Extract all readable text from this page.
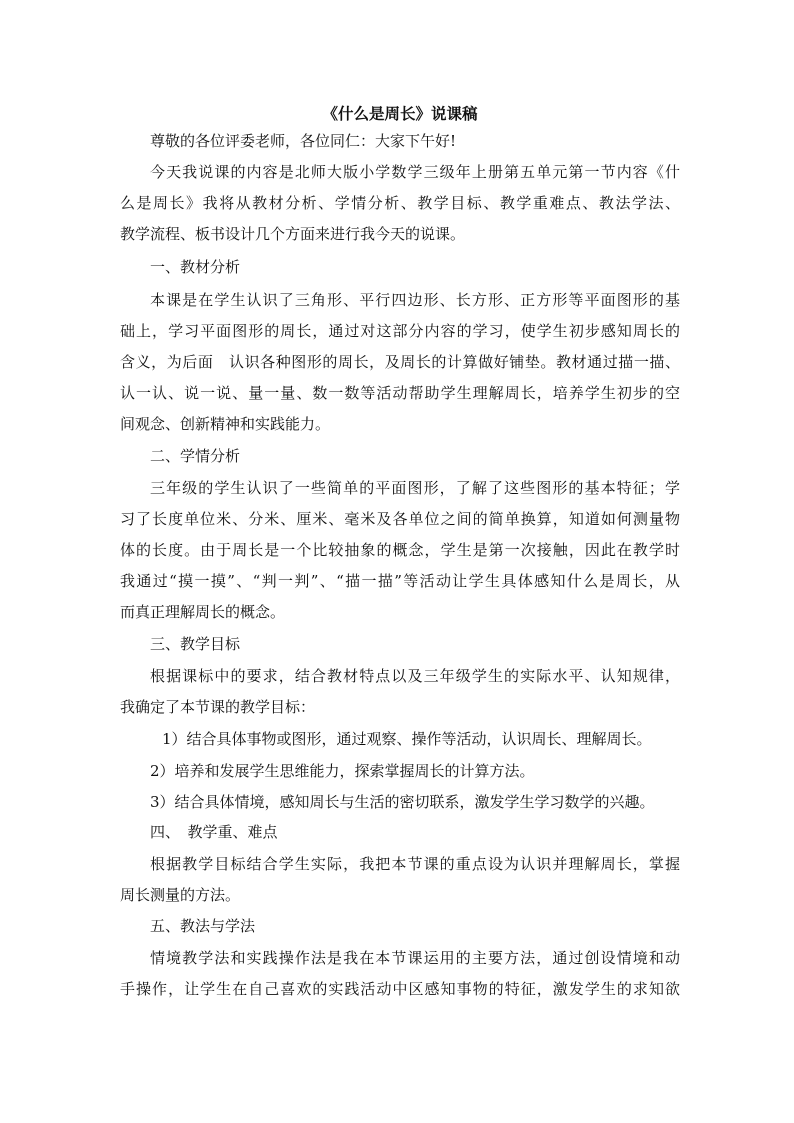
《什么是周长》说课稿
尊敬的各位评委老师，各位同仁：大家下午好!
今天我说课的内容是北师大版小学数学三级年上册第五单元第一节内容《什
么是周长》我将从教材分析、学情分析、教学目标、教学重难点、教法学法、
教学流程、板书设计几个方面来进行我今天的说课。
一、教材分析
本课是在学生认识了三角形、平行四边形、长方形、正方形等平面图形的基
础上，学习平面图形的周长，通过对这部分内容的学习，使学生初步感知周长的
含义，为后面　认识各种图形的周长，及周长的计算做好铺垫。教材通过描一描、
认一认、说一说、量一量、数一数等活动帮助学生理解周长，培养学生初步的空
间观念、创新精神和实践能力。
二、学情分析
三年级的学生认识了一些简单的平面图形，了解了这些图形的基本特征；学
习了长度单位米、分米、厘米、毫米及各单位之间的简单换算，知道如何测量物
体的长度。由于周长是一个比较抽象的概念，学生是第一次接触，因此在教学时
我通过“摸一摸”、“判一判”、“描一描”等活动让学生具体感知什么是周长，从
而真正理解周长的概念。
三、教学目标
根据课标中的要求，结合教材特点以及三年级学生的实际水平、认知规律，
我确定了本节课的教学目标：
1）结合具体事物或图形，通过观察、操作等活动，认识周长、理解周长。
2）培养和发展学生思维能力，探索掌握周长的计算方法。
3）结合具体情境，感知周长与生活的密切联系，激发学生学习数学的兴趣。
四、　教学重、难点
根据教学目标结合学生实际，我把本节课的重点设为认识并理解周长，掌握
周长测量的方法。
五、教法与学法
情境教学法和实践操作法是我在本节课运用的主要方法，通过创设情境和动
手操作，让学生在自己喜欢的实践活动中区感知事物的特征，激发学生的求知欲
